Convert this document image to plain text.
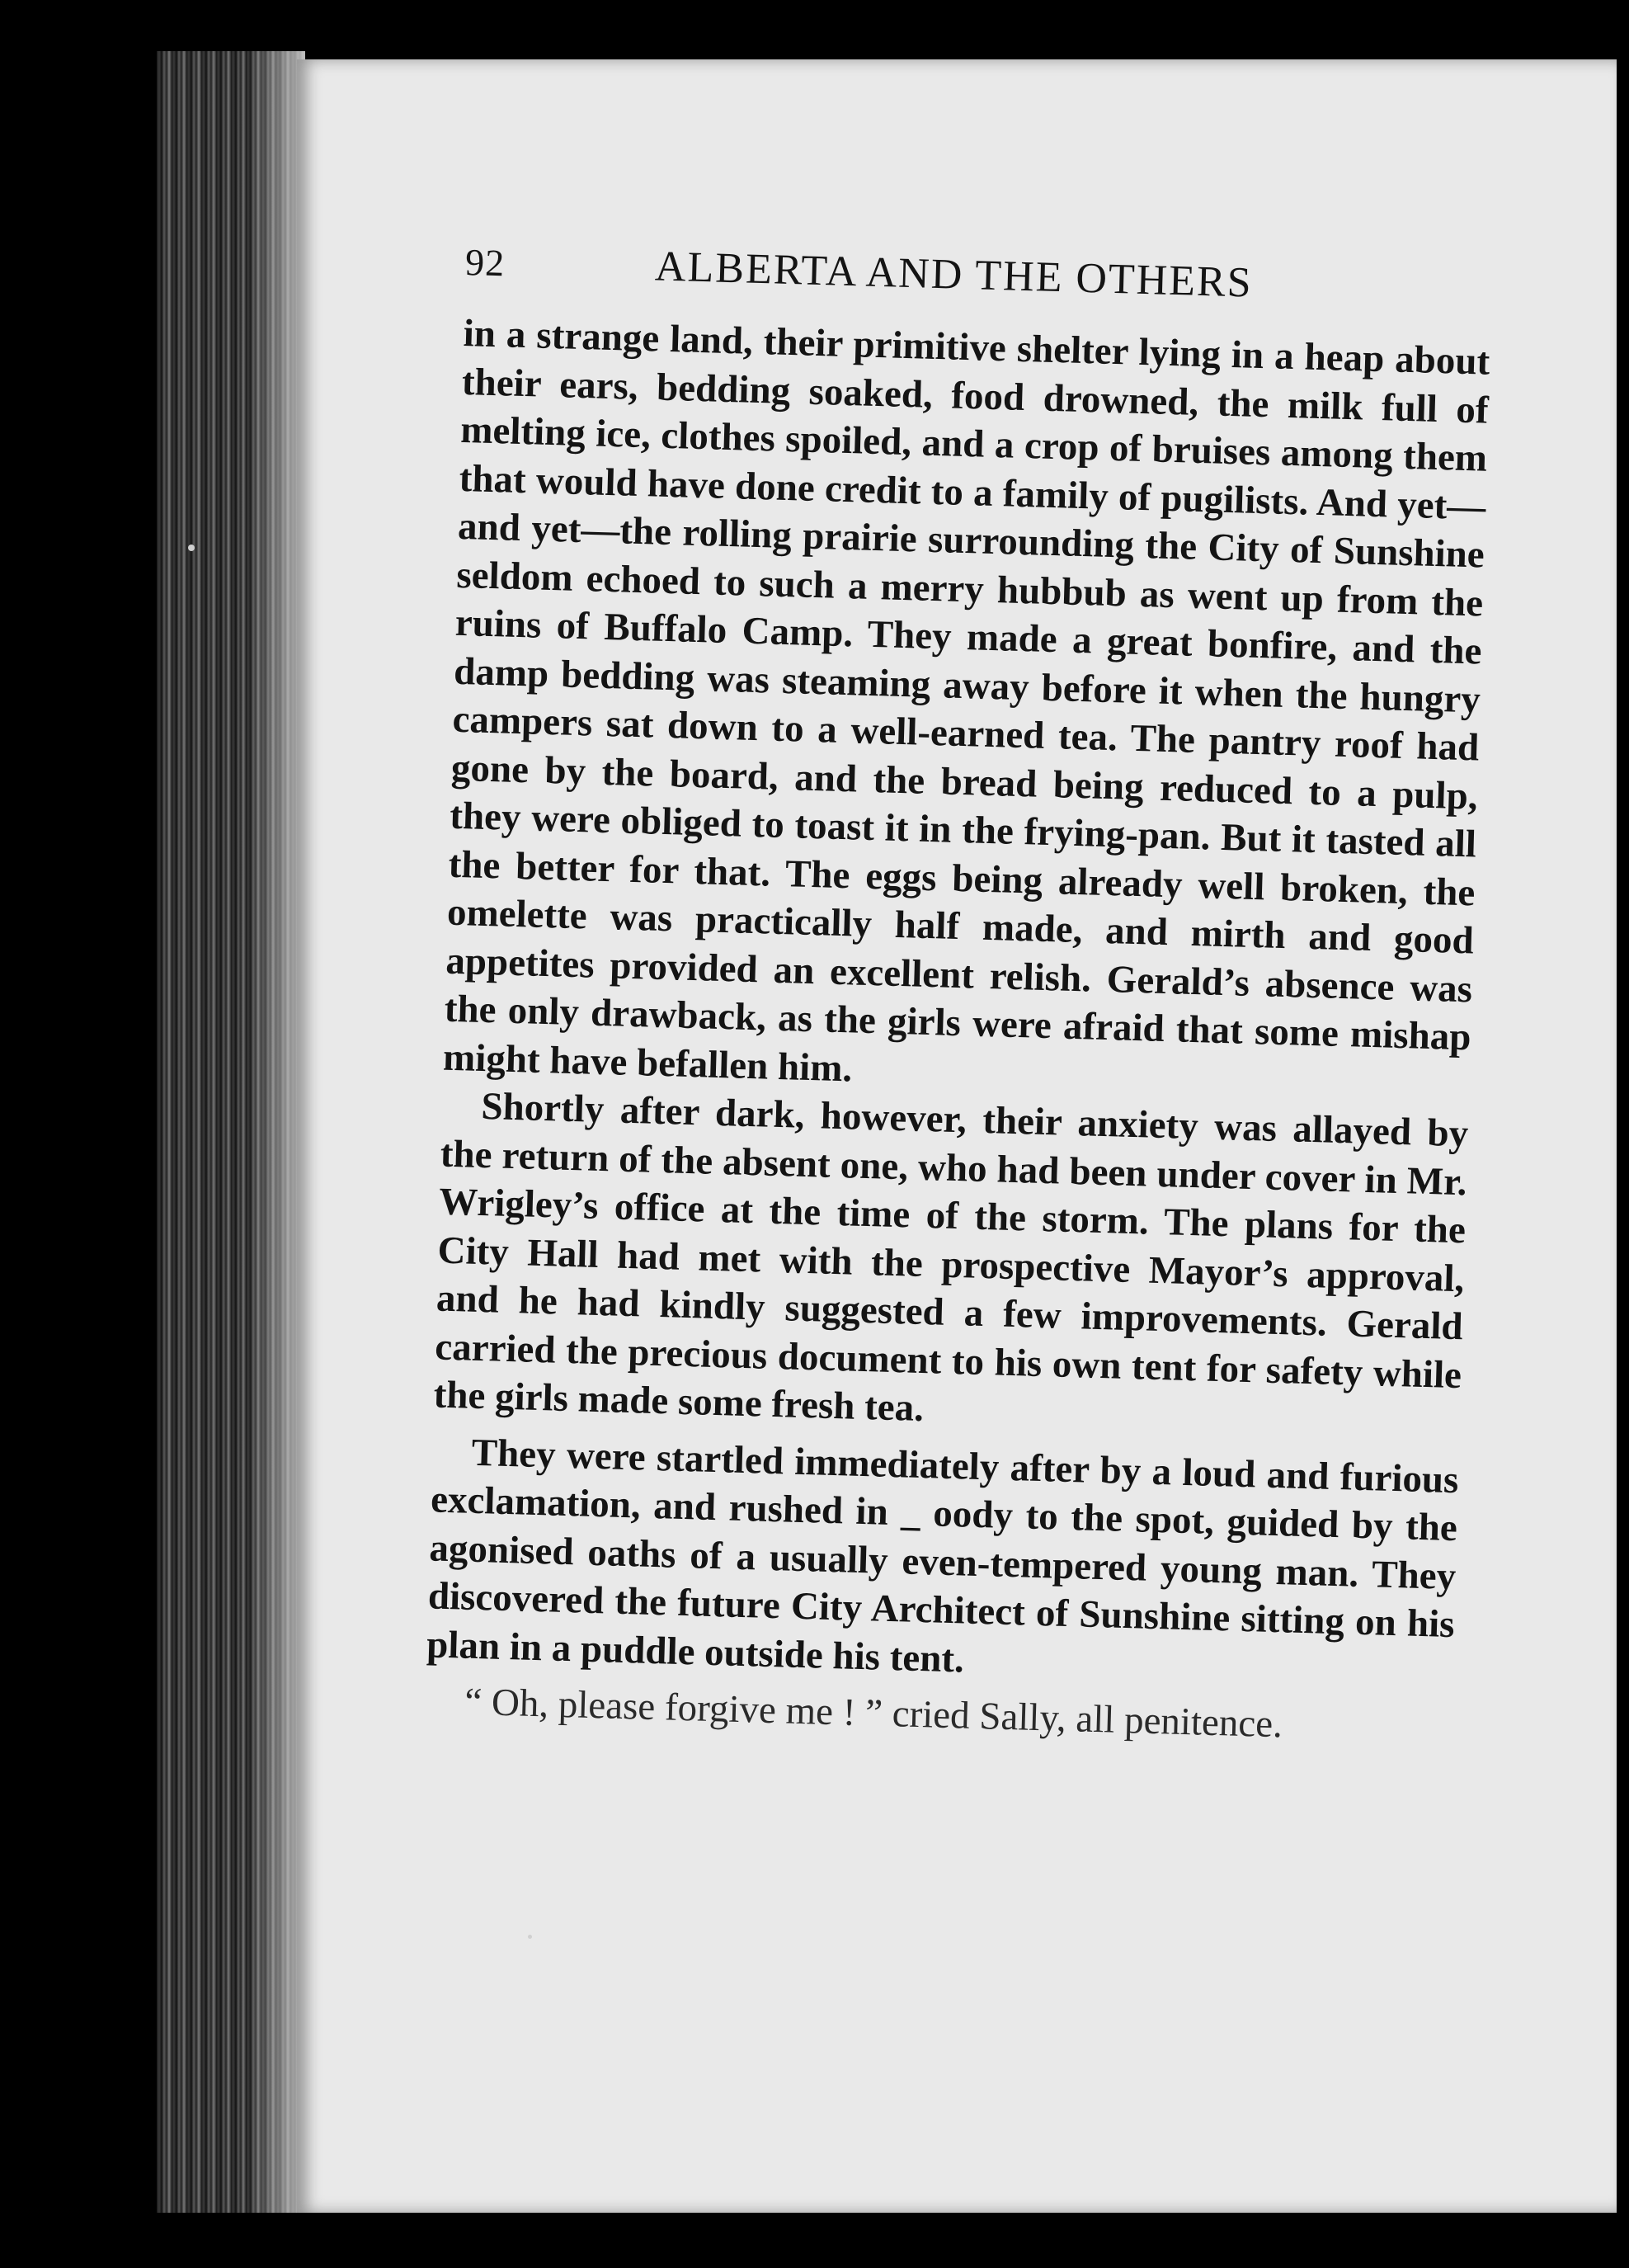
92	ALBERTA AND THE OTHERS

in a strange land, their primitive shelter lying in a heap about their ears, bedding soaked, food drowned, the milk full of melting ice, clothes spoiled, and a crop of bruises among them that would have done credit to a family of pugilists. And yet—and yet—the rolling prairie surrounding the City of Sunshine seldom echoed to such a merry hubbub as went up from the ruins of Buffalo Camp. They made a great bonfire, and the damp bedding was steaming away before it when the hungry campers sat down to a well-earned tea. The pantry roof had gone by the board, and the bread being reduced to a pulp, they were obliged to toast it in the frying-pan. But it tasted all the better for that. The eggs being already well broken, the omelette was practically half made, and mirth and good appetites provided an excellent relish. Gerald’s absence was the only drawback, as the girls were afraid that some mishap might have befallen him.

Shortly after dark, however, their anxiety was allayed by the return of the absent one, who had been under cover in Mr. Wrigley’s office at the time of the storm. The plans for the City Hall had met with the prospective Mayor’s approval, and he had kindly suggested a few improvements. Gerald carried the precious document to his own tent for safety while the girls made some fresh tea.

They were startled immediately after by a loud and furious exclamation, and rushed in _ oody to the spot, guided by the agonised oaths of a usually even-tempered young man. They discovered the future City Architect of Sunshine sitting on his plan in a puddle outside his tent.

“ Oh, please forgive me ! ” cried Sally, all penitence.
